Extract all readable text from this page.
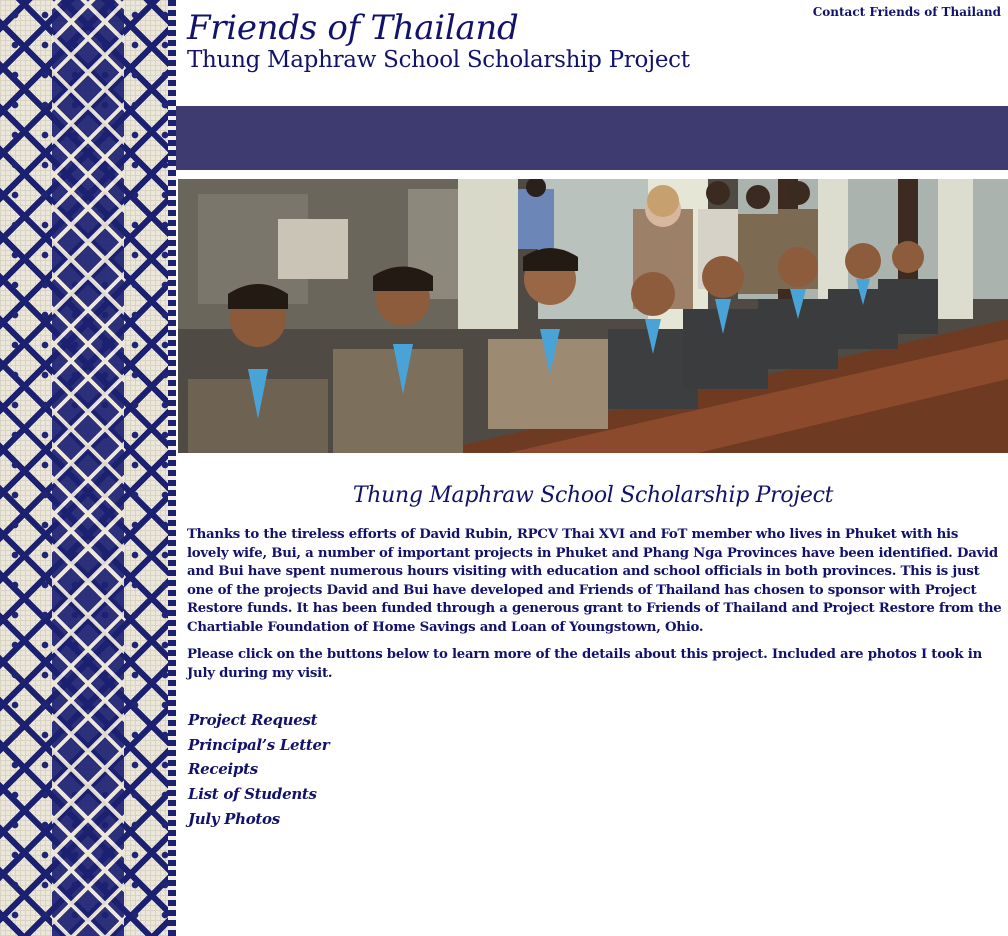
Contact Friends of Thailand
Friends of Thailand
Thung Maphraw School Scholarship Project
Thung Maphraw School Scholarship Project

Thanks to the tireless efforts of David Rubin, RPCV Thai XVI and FoT member who lives in Phuket with his lovely wife, Bui, a number of important projects in Phuket and Phang Nga Provinces have been identified. David and Bui have spent numerous hours visiting with education and school officials in both provinces. This is just one of the projects David and Bui have developed and Friends of Thailand has chosen to sponsor with Project Restore funds. It has been funded through a generous grant to Friends of Thailand and Project Restore from the Chartiable Foundation of Home Savings and Loan of Youngstown, Ohio.

Please click on the buttons below to learn more of the details about this project. Included are photos I took in July during my visit.

Project Request
Principal’s Letter
Receipts
List of Students
July Photos
